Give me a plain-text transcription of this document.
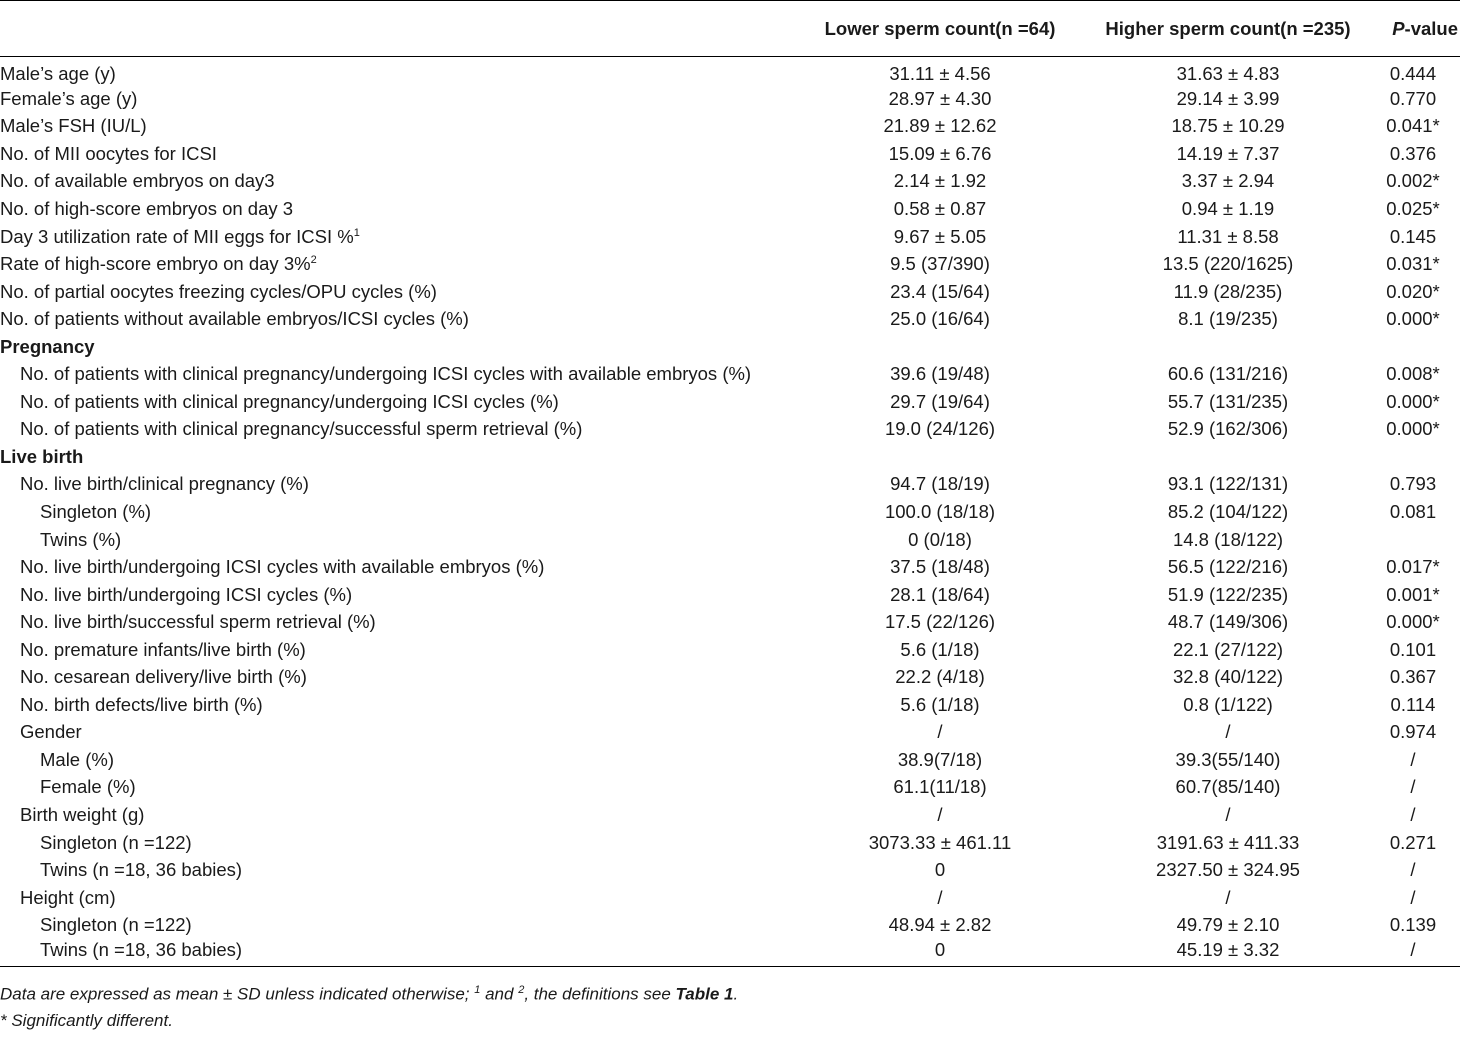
	Lower sperm count(n =64)	Higher sperm count(n =235)	P-value
Male’s age (y)	31.11 ± 4.56	31.63 ± 4.83	0.444
Female’s age (y)	28.97 ± 4.30	29.14 ± 3.99	0.770
Male’s FSH (IU/L)	21.89 ± 12.62	18.75 ± 10.29	0.041*
No. of MII oocytes for ICSI	15.09 ± 6.76	14.19 ± 7.37	0.376
No. of available embryos on day3	2.14 ± 1.92	3.37 ± 2.94	0.002*
No. of high-score embryos on day 3	0.58 ± 0.87	0.94 ± 1.19	0.025*
Day 3 utilization rate of MII eggs for ICSI %$^1$	9.67 ± 5.05	11.31 ± 8.58	0.145
Rate of high-score embryo on day 3%$^2$	9.5 (37/390)	13.5 (220/1625)	0.031*
No. of partial oocytes freezing cycles/OPU cycles (%)	23.4 (15/64)	11.9 (28/235)	0.020*
No. of patients without available embryos/ICSI cycles (%)	25.0 (16/64)	8.1 (19/235)	0.000*
Pregnancy			
No. of patients with clinical pregnancy/undergoing ICSI cycles with available embryos (%)	39.6 (19/48)	60.6 (131/216)	0.008*
No. of patients with clinical pregnancy/undergoing ICSI cycles (%)	29.7 (19/64)	55.7 (131/235)	0.000*
No. of patients with clinical pregnancy/successful sperm retrieval (%)	19.0 (24/126)	52.9 (162/306)	0.000*
Live birth			
No. live birth/clinical pregnancy (%)	94.7 (18/19)	93.1 (122/131)	0.793
Singleton (%)	100.0 (18/18)	85.2 (104/122)	0.081
Twins (%)	0 (0/18)	14.8 (18/122)	
No. live birth/undergoing ICSI cycles with available embryos (%)	37.5 (18/48)	56.5 (122/216)	0.017*
No. live birth/undergoing ICSI cycles (%)	28.1 (18/64)	51.9 (122/235)	0.001*
No. live birth/successful sperm retrieval (%)	17.5 (22/126)	48.7 (149/306)	0.000*
No. premature infants/live birth (%)	5.6 (1/18)	22.1 (27/122)	0.101
No. cesarean delivery/live birth (%)	22.2 (4/18)	32.8 (40/122)	0.367
No. birth defects/live birth (%)	5.6 (1/18)	0.8 (1/122)	0.114
Gender	/	/	0.974
Male (%)	38.9(7/18)	39.3(55/140)	/
Female (%)	61.1(11/18)	60.7(85/140)	/
Birth weight (g)	/	/	/
Singleton (n =122)	3073.33 ± 461.11	3191.63 ± 411.33	0.271
Twins (n =18, 36 babies)	0	2327.50 ± 324.95	/
Height (cm)	/	/	/
Singleton (n =122)	48.94 ± 2.82	49.79 ± 2.10	0.139
Twins (n =18, 36 babies)	0	45.19 ± 3.32	/
Data are expressed as mean ± SD unless indicated otherwise; $^1$ and $^2$, the definitions see Table 1.
* Significantly different.
